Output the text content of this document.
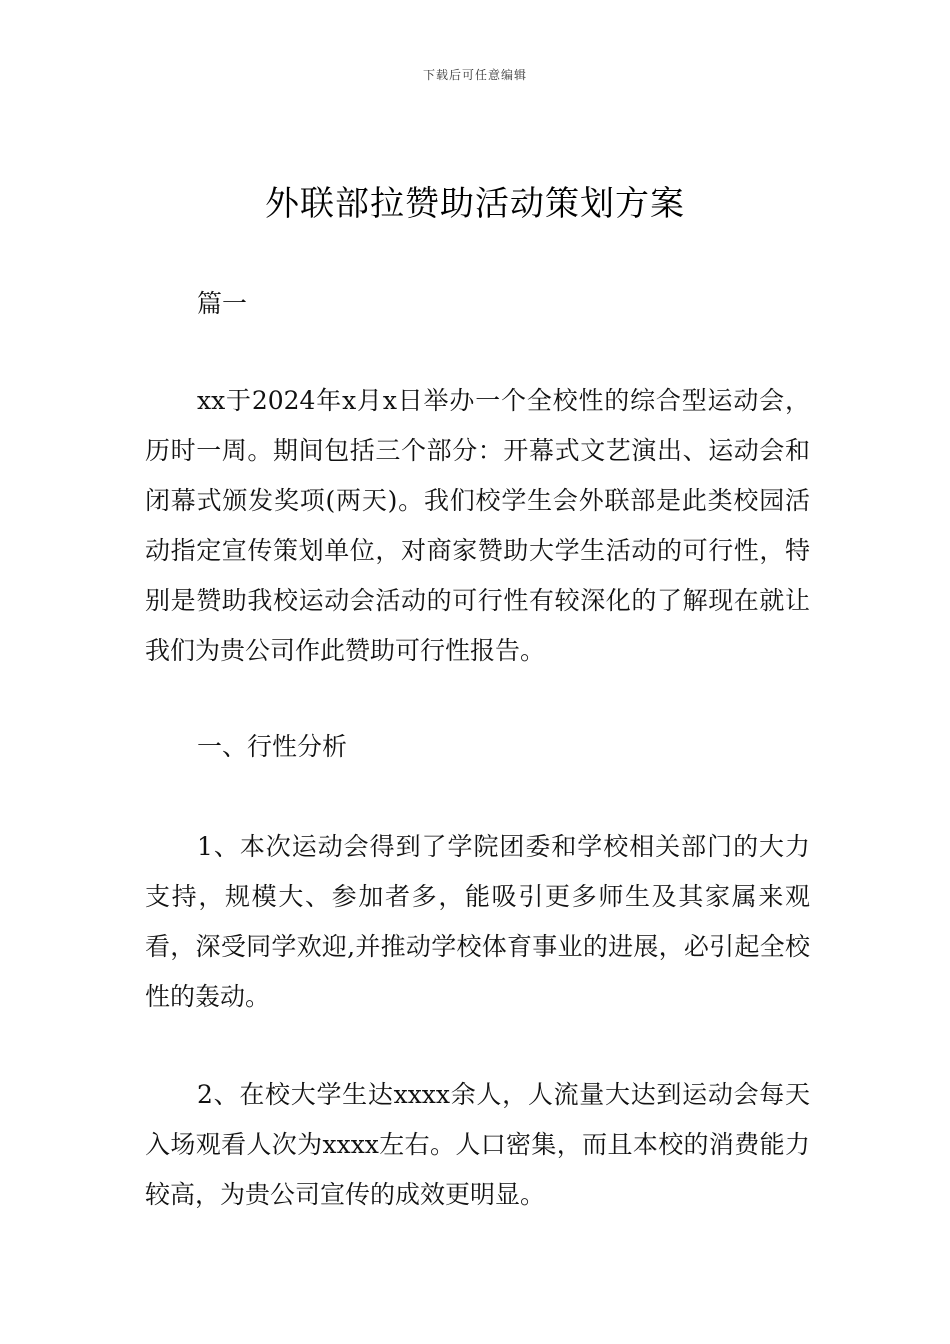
下载后可任意编辑
外联部拉赞助活动策划方案

篇一

xx于2024年x月x日举办一个全校性的综合型运动会，历时一周。期间包括三个部分：开幕式文艺演出、运动会和闭幕式颁发奖项(两天)。我们校学生会外联部是此类校园活动指定宣传策划单位，对商家赞助大学生活动的可行性，特别是赞助我校运动会活动的可行性有较深化的了解现在就让我们为贵公司作此赞助可行性报告。

一、行性分析

1、本次运动会得到了学院团委和学校相关部门的大力支持，规模大、参加者多，能吸引更多师生及其家属来观看，深受同学欢迎,并推动学校体育事业的进展，必引起全校性的轰动。

2、在校大学生达xxxx余人，人流量大达到运动会每天入场观看人次为xxxx左右。人口密集，而且本校的消费能力较高，为贵公司宣传的成效更明显。
